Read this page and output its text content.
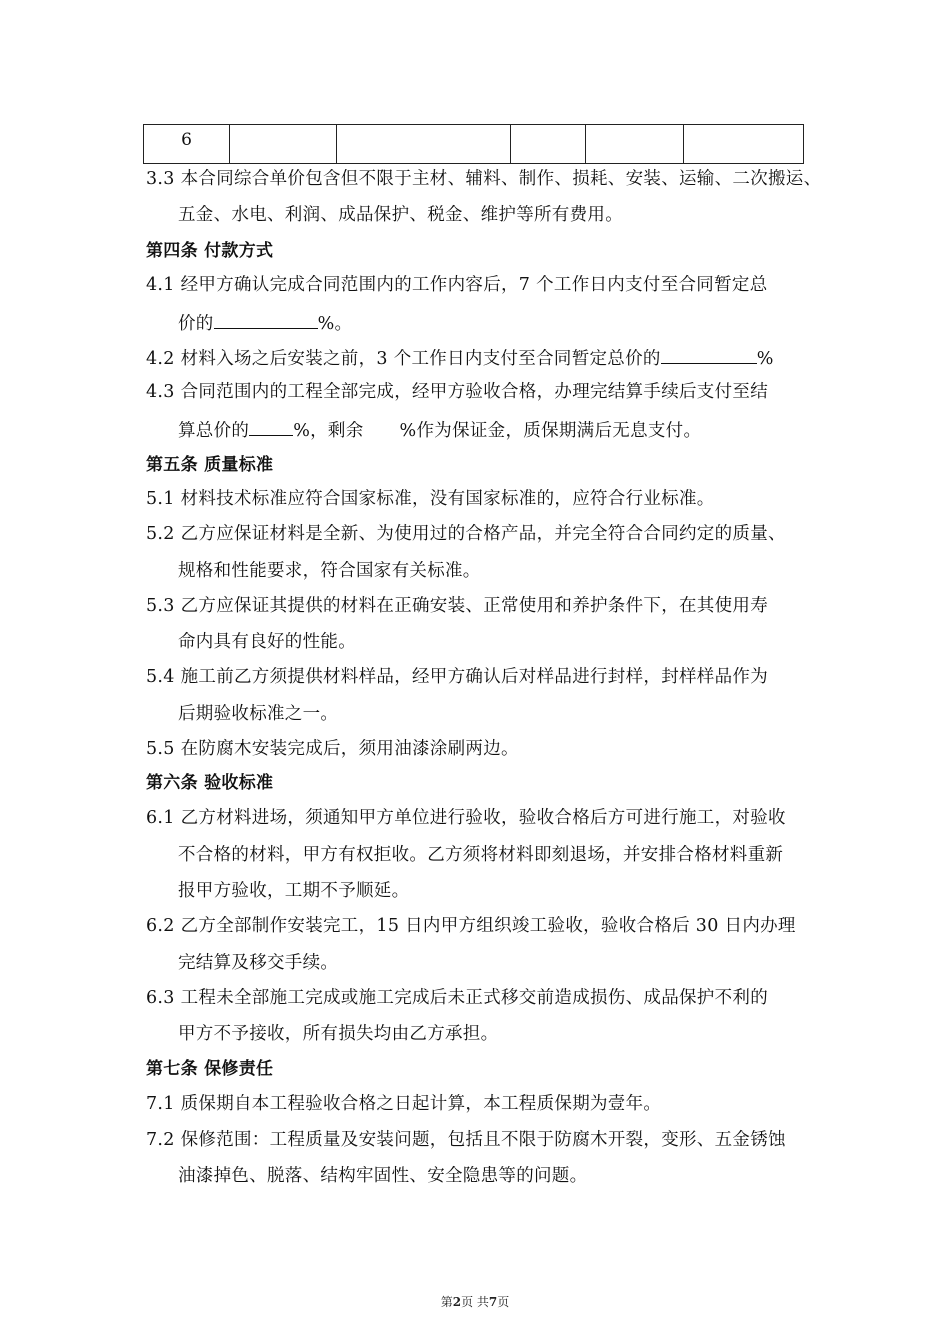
6					
3.3 本合同综合单价包含但不限于主材、辅料、制作、损耗、安装、运输、二次搬运、
五金、水电、利润、成品保护、税金、维护等所有费用。
第四条 付款方式
4.1 经甲方确认完成合同范围内的工作内容后，7 个工作日内支付至合同暂定总
价的	%。
4.2 材料入场之后安装之前，3 个工作日内支付至合同暂定总价的	%
4.3 合同范围内的工程全部完成，经甲方验收合格，办理完结算手续后支付至结
算总价的	%，剩余 %作为保证金，质保期满后无息支付。
第五条 质量标准
5.1 材料技术标准应符合国家标准，没有国家标准的，应符合行业标准。
5.2 乙方应保证材料是全新、为使用过的合格产品，并完全符合合同约定的质量、
规格和性能要求，符合国家有关标准。
5.3 乙方应保证其提供的材料在正确安装、正常使用和养护条件下，在其使用寿
命内具有良好的性能。
5.4 施工前乙方须提供材料样品，经甲方确认后对样品进行封样，封样样品作为
后期验收标准之一。
5.5 在防腐木安装完成后，须用油漆涂刷两边。
第六条 验收标准
6.1 乙方材料进场，须通知甲方单位进行验收，验收合格后方可进行施工，对验收
不合格的材料，甲方有权拒收。乙方须将材料即刻退场，并安排合格材料重新
报甲方验收，工期不予顺延。
6.2 乙方全部制作安装完工，15 日内甲方组织竣工验收，验收合格后 30 日内办理
完结算及移交手续。
6.3 工程未全部施工完成或施工完成后未正式移交前造成损伤、成品保护不利的
甲方不予接收，所有损失均由乙方承担。
第七条 保修责任
7.1 质保期自本工程验收合格之日起计算，本工程质保期为壹年。
7.2 保修范围：工程质量及安装问题，包括且不限于防腐木开裂，变形、五金锈蚀
油漆掉色、脱落、结构牢固性、安全隐患等的问题。
第2页 共7页
